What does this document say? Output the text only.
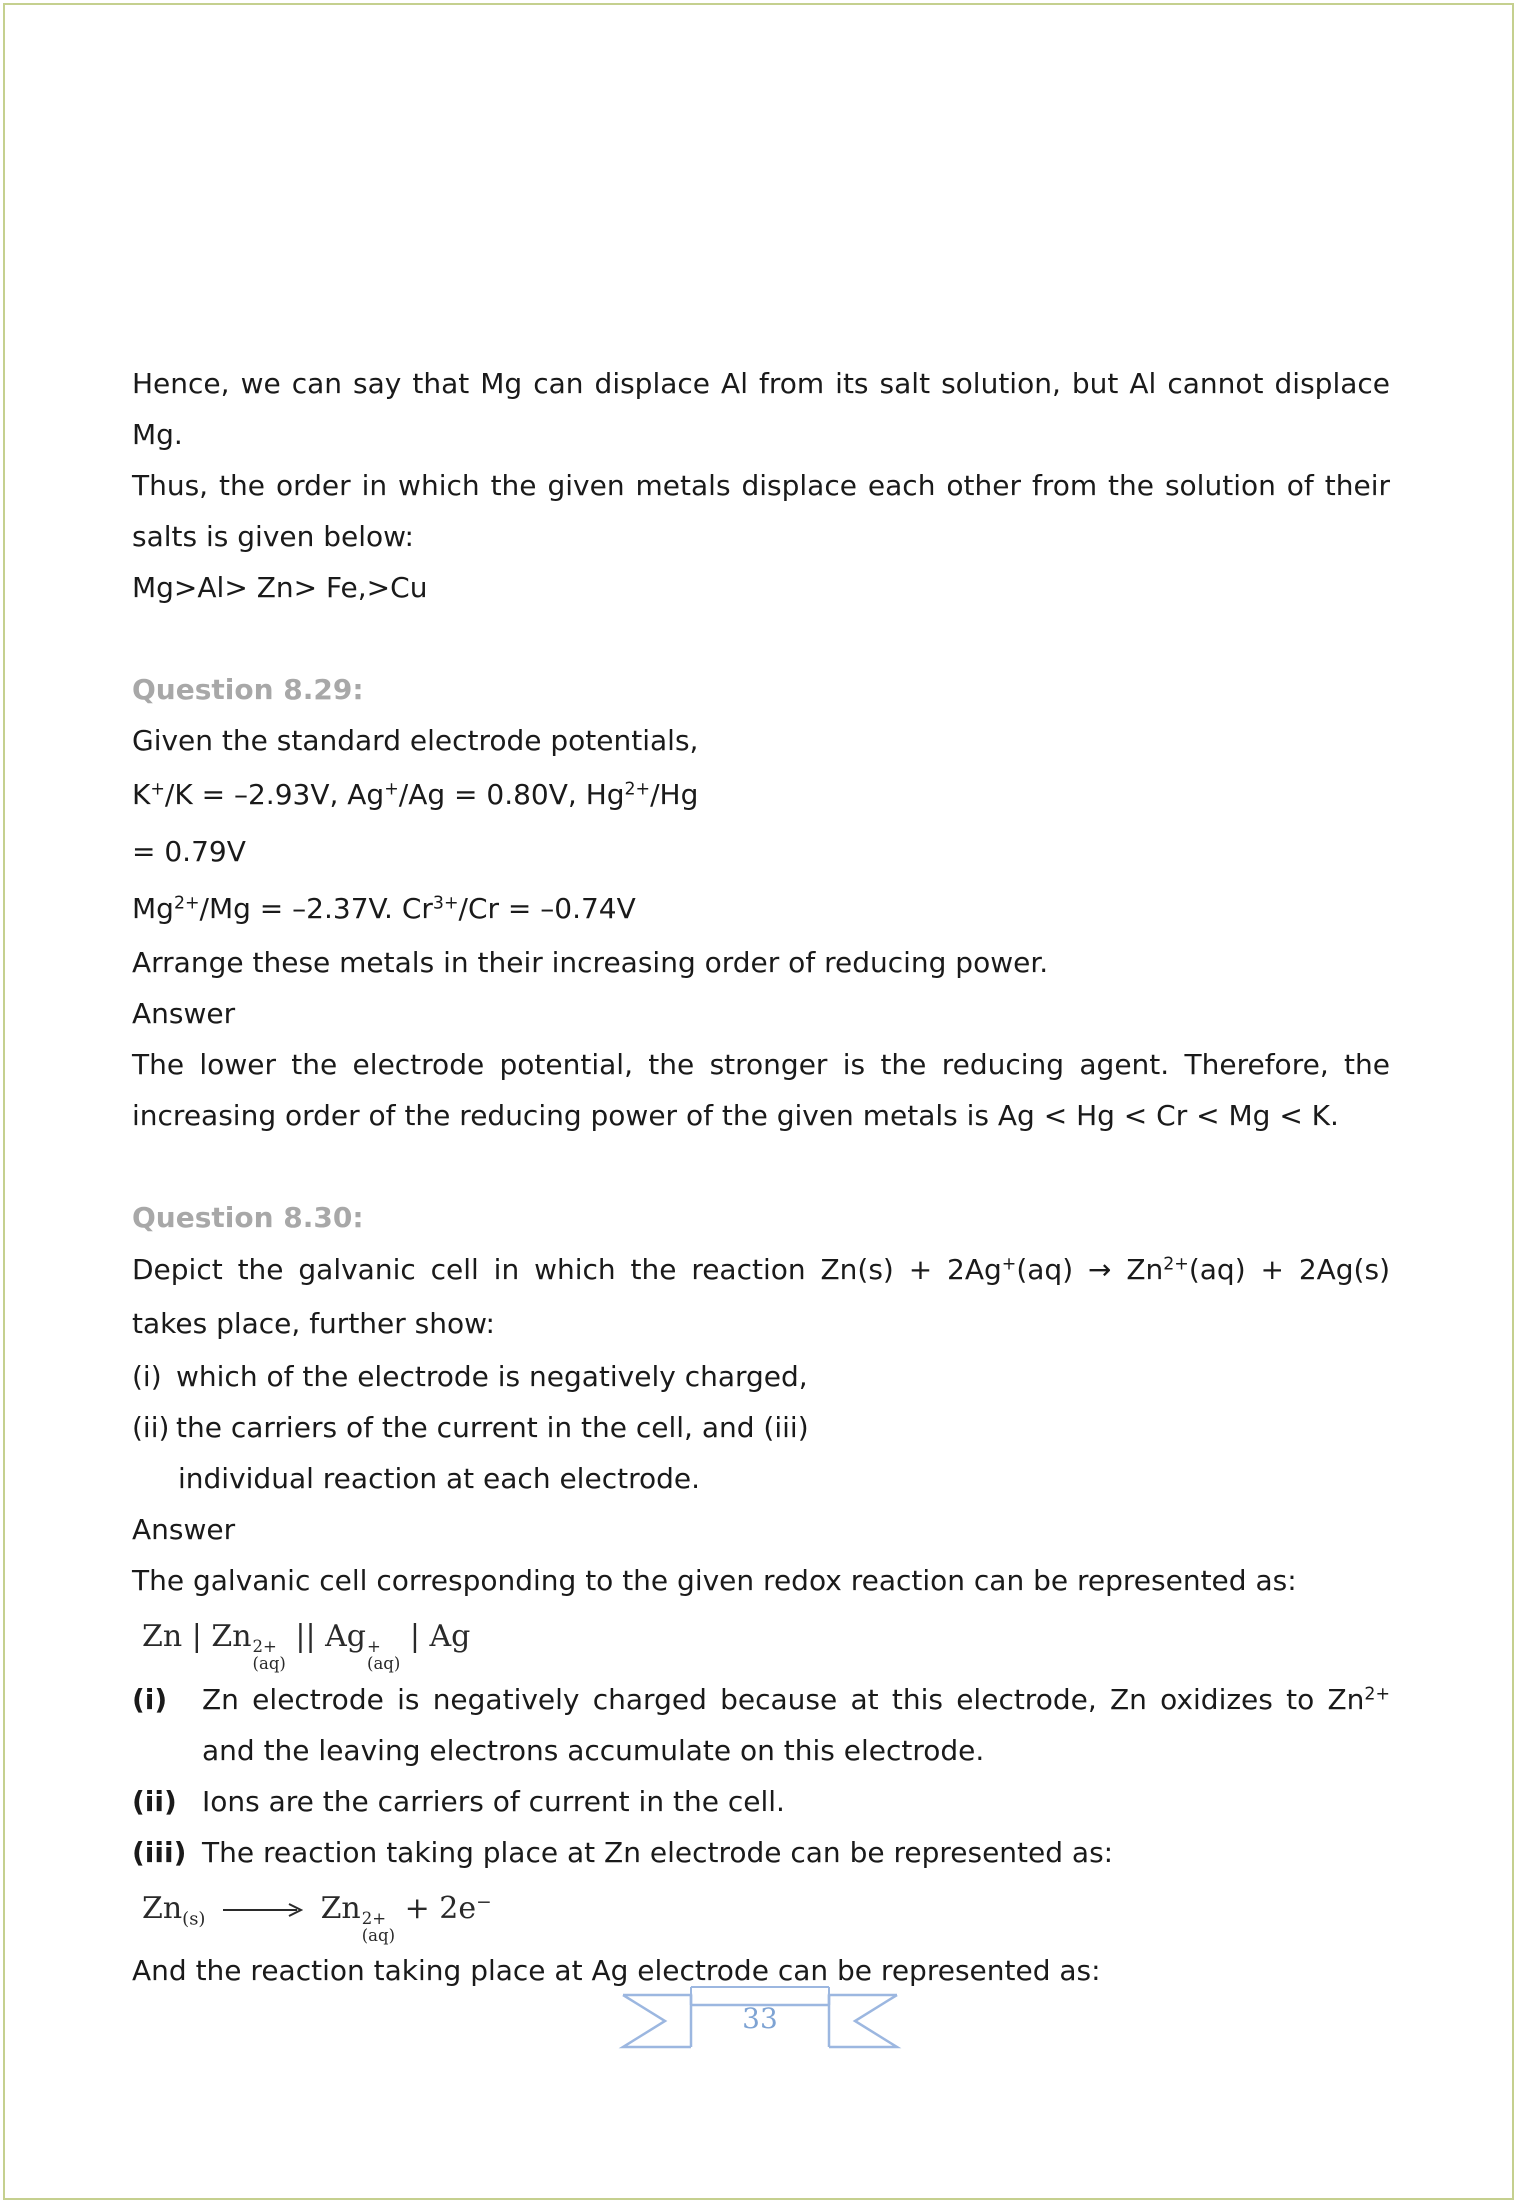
Hence, we can say that Mg can displace Al from its salt solution, but Al cannot displace Mg.

Thus, the order in which the given metals displace each other from the solution of their salts is given below:

Mg>Al> Zn> Fe,>Cu

Question 8.29:

Given the standard electrode potentials,

K+/K = –2.93V, Ag+/Ag = 0.80V, $Hg^{2+}/Hg$

= 0.79V

$Mg^{2+}/Mg = -2.37V$. $Cr^{3+}/Cr = -0.74V$

Arrange these metals in their increasing order of reducing power.

Answer

The lower the electrode potential, the stronger is the reducing agent. Therefore, the increasing order of the reducing power of the given metals is Ag < Hg < Cr < Mg < K.

Question 8.30:

Depict the galvanic cell in which the reaction $Zn(s) + 2Ag^+(aq) \to Zn^{2+}(aq) + 2Ag(s)$ takes place, further show:

(i) which of the electrode is negatively charged,
(ii) the carriers of the current in the cell, and (iii)

individual reaction at each electrode.

Answer

The galvanic cell corresponding to the given redox reaction can be represented as:

Zn | Zn 2+
(aq)
|| Ag +
(aq)
| Ag

(i)	Zn electrode is negatively charged because at this electrode, Zn oxidizes to $Zn^{2+}$ and the leaving electrons accumulate on this electrode.
(ii) Ions are the carriers of current in the cell.
(iii) The reaction taking place at Zn electrode can be represented as:

$Zn_{(s)} \to Zn$ 2+
(aq)
+ 2e−

And the reaction taking place at Ag electrode can be represented as:

33
